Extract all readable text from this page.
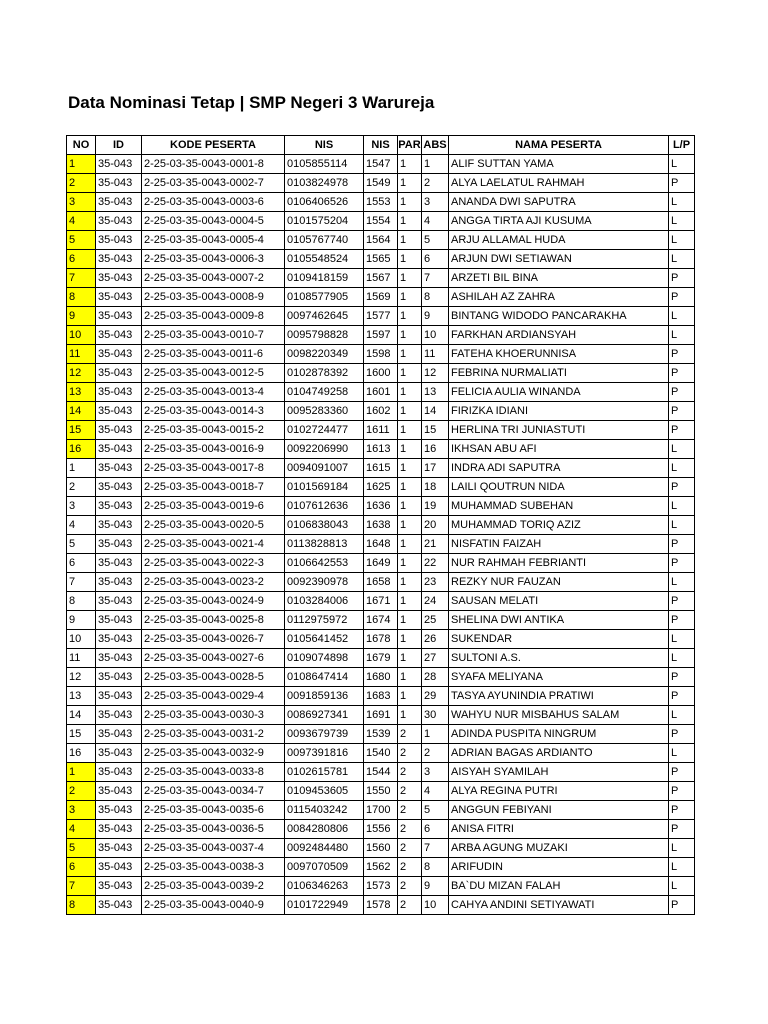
Data Nominasi Tetap | SMP Negeri 3 Warureja
NO	ID	KODE PESERTA	NIS	NIS	PAR	ABS	NAMA PESERTA	L/P
1	35-043	2-25-03-35-0043-0001-8	0105855114	1547	1	1	ALIF SUTTAN YAMA	L
2	35-043	2-25-03-35-0043-0002-7	0103824978	1549	1	2	ALYA LAELATUL RAHMAH	P
3	35-043	2-25-03-35-0043-0003-6	0106406526	1553	1	3	ANANDA DWI SAPUTRA	L
4	35-043	2-25-03-35-0043-0004-5	0101575204	1554	1	4	ANGGA TIRTA AJI KUSUMA	L
5	35-043	2-25-03-35-0043-0005-4	0105767740	1564	1	5	ARJU ALLAMAL HUDA	L
6	35-043	2-25-03-35-0043-0006-3	0105548524	1565	1	6	ARJUN DWI SETIAWAN	L
7	35-043	2-25-03-35-0043-0007-2	0109418159	1567	1	7	ARZETI BIL BINA	P
8	35-043	2-25-03-35-0043-0008-9	0108577905	1569	1	8	ASHILAH AZ ZAHRA	P
9	35-043	2-25-03-35-0043-0009-8	0097462645	1577	1	9	BINTANG WIDODO PANCARAKHA	L
10	35-043	2-25-03-35-0043-0010-7	0095798828	1597	1	10	FARKHAN ARDIANSYAH	L
11	35-043	2-25-03-35-0043-0011-6	0098220349	1598	1	11	FATEHA KHOERUNNISA	P
12	35-043	2-25-03-35-0043-0012-5	0102878392	1600	1	12	FEBRINA NURMALIATI	P
13	35-043	2-25-03-35-0043-0013-4	0104749258	1601	1	13	FELICIA AULIA WINANDA	P
14	35-043	2-25-03-35-0043-0014-3	0095283360	1602	1	14	FIRIZKA IDIANI	P
15	35-043	2-25-03-35-0043-0015-2	0102724477	1611	1	15	HERLINA TRI JUNIASTUTI	P
16	35-043	2-25-03-35-0043-0016-9	0092206990	1613	1	16	IKHSAN ABU AFI	L
1	35-043	2-25-03-35-0043-0017-8	0094091007	1615	1	17	INDRA ADI SAPUTRA	L
2	35-043	2-25-03-35-0043-0018-7	0101569184	1625	1	18	LAILI QOUTRUN NIDA	P
3	35-043	2-25-03-35-0043-0019-6	0107612636	1636	1	19	MUHAMMAD SUBEHAN	L
4	35-043	2-25-03-35-0043-0020-5	0106838043	1638	1	20	MUHAMMAD TORIQ AZIZ	L
5	35-043	2-25-03-35-0043-0021-4	0113828813	1648	1	21	NISFATIN FAIZAH	P
6	35-043	2-25-03-35-0043-0022-3	0106642553	1649	1	22	NUR RAHMAH FEBRIANTI	P
7	35-043	2-25-03-35-0043-0023-2	0092390978	1658	1	23	REZKY NUR FAUZAN	L
8	35-043	2-25-03-35-0043-0024-9	0103284006	1671	1	24	SAUSAN MELATI	P
9	35-043	2-25-03-35-0043-0025-8	0112975972	1674	1	25	SHELINA DWI ANTIKA	P
10	35-043	2-25-03-35-0043-0026-7	0105641452	1678	1	26	SUKENDAR	L
11	35-043	2-25-03-35-0043-0027-6	0109074898	1679	1	27	SULTONI A.S.	L
12	35-043	2-25-03-35-0043-0028-5	0108647414	1680	1	28	SYAFA MELIYANA	P
13	35-043	2-25-03-35-0043-0029-4	0091859136	1683	1	29	TASYA AYUNINDIA PRATIWI	P
14	35-043	2-25-03-35-0043-0030-3	0086927341	1691	1	30	WAHYU NUR MISBAHUS SALAM	L
15	35-043	2-25-03-35-0043-0031-2	0093679739	1539	2	1	ADINDA PUSPITA NINGRUM	P
16	35-043	2-25-03-35-0043-0032-9	0097391816	1540	2	2	ADRIAN BAGAS ARDIANTO	L
1	35-043	2-25-03-35-0043-0033-8	0102615781	1544	2	3	AISYAH SYAMILAH	P
2	35-043	2-25-03-35-0043-0034-7	0109453605	1550	2	4	ALYA REGINA PUTRI	P
3	35-043	2-25-03-35-0043-0035-6	0115403242	1700	2	5	ANGGUN FEBIYANI	P
4	35-043	2-25-03-35-0043-0036-5	0084280806	1556	2	6	ANISA FITRI	P
5	35-043	2-25-03-35-0043-0037-4	0092484480	1560	2	7	ARBA AGUNG MUZAKI	L
6	35-043	2-25-03-35-0043-0038-3	0097070509	1562	2	8	ARIFUDIN	L
7	35-043	2-25-03-35-0043-0039-2	0106346263	1573	2	9	BA`DU MIZAN FALAH	L
8	35-043	2-25-03-35-0043-0040-9	0101722949	1578	2	10	CAHYA ANDINI SETIYAWATI	P
